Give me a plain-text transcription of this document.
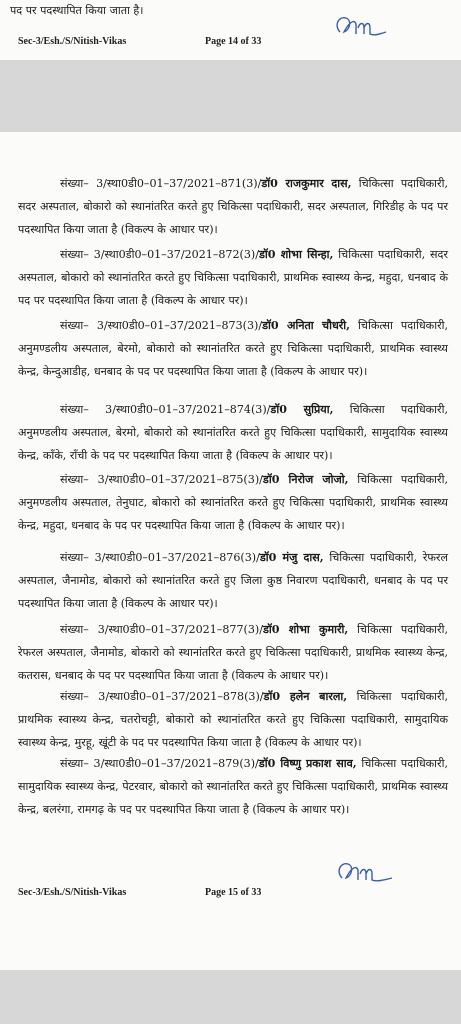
पद पर पदस्थापित किया जाता है।
Sec-3/Esh./S/Nitish-Vikas	Page 14 of 33
संख्या– 3/स्था0डी0–01–37/2021–871(3)/डॉ0 राजकुमार दास, चिकित्सा पदाधिकारी, सदर अस्पताल, बोकारो को स्थानांतरित करते हुए चिकित्सा पदाधिकारी, सदर अस्पताल, गिरिडीह के पद पर पदस्थापित किया जाता है (विकल्प के आधार पर)।
संख्या– 3/स्था0डी0–01–37/2021–872(3)/डॉ0 शोभा सिन्हा, चिकित्सा पदाधिकारी, सदर अस्पताल, बोकारो को स्थानांतरित करते हुए चिकित्सा पदाधिकारी, प्राथमिक स्वास्थ्य केन्द्र, महुदा, धनबाद के पद पर पदस्थापित किया जाता है (विकल्प के आधार पर)।
संख्या– 3/स्था0डी0–01–37/2021–873(3)/डॉ0 अनिता चौधरी, चिकित्सा पदाधिकारी, अनुमण्डलीय अस्पताल, बेरमो, बोकारो को स्थानांतरित करते हुए चिकित्सा पदाधिकारी, प्राथमिक स्वास्थ्य केन्द्र, केन्दुआडीह, धनबाद के पद पर पदस्थापित किया जाता है (विकल्प के आधार पर)।
संख्या– 3/स्था0डी0–01–37/2021–874(3)/डॉ0 सुप्रिया, चिकित्सा पदाधिकारी, अनुमण्डलीय अस्पताल, बेरमो, बोकारो को स्थानांतरित करते हुए चिकित्सा पदाधिकारी, सामुदायिक स्वास्थ्य केन्द्र, काँके, राँची के पद पर पदस्थापित किया जाता है (विकल्प के आधार पर)।
संख्या– 3/स्था0डी0–01–37/2021–875(3)/डॉ0 निरोज जोजो, चिकित्सा पदाधिकारी, अनुमण्डलीय अस्पताल, तेनुघाट, बोकारो को स्थानांतरित करते हुए चिकित्सा पदाधिकारी, प्राथमिक स्वास्थ्य केन्द्र, महुदा, धनबाद के पद पर पदस्थापित किया जाता है (विकल्प के आधार पर)।
संख्या– 3/स्था0डी0–01–37/2021–876(3)/डॉ0 मंजु दास, चिकित्सा पदाधिकारी, रेफरल अस्पताल, जैनामोड, बोकारो को स्थानांतरित करते हुए जिला कुष्ठ निवारण पदाधिकारी, धनबाद के पद पर पदस्थापित किया जाता है (विकल्प के आधार पर)।
संख्या– 3/स्था0डी0–01–37/2021–877(3)/डॉ0 शोभा कुमारी, चिकित्सा पदाधिकारी, रेफरल अस्पताल, जैनामोड, बोकारो को स्थानांतरित करते हुए चिकित्सा पदाधिकारी, प्राथमिक स्वास्थ्य केन्द्र, कतरास, धनबाद के पद पर पदस्थापित किया जाता है (विकल्प के आधार पर)।
संख्या– 3/स्था0डी0–01–37/2021–878(3)/डॉ0 हलेन बारला, चिकित्सा पदाधिकारी, प्राथमिक स्वास्थ्य केन्द्र, चतरोचट्टी, बोकारो को स्थानांतरित करते हुए चिकित्सा पदाधिकारी, सामुदायिक स्वास्थ्य केन्द्र, मुरहू, खूंटी के पद पर पदस्थापित किया जाता है (विकल्प के आधार पर)।
संख्या– 3/स्था0डी0–01–37/2021–879(3)/डॉ0 विष्णु प्रकाश साव, चिकित्सा पदाधिकारी, सामुदायिक स्वास्थ्य केन्द्र, पेटरवार, बोकारो को स्थानांतरित करते हुए चिकित्सा पदाधिकारी, प्राथमिक स्वास्थ्य केन्द्र, बलरंगा, रामगढ़ के पद पर पदस्थापित किया जाता है (विकल्प के आधार पर)।
Sec-3/Esh./S/Nitish-Vikas	Page 15 of 33
